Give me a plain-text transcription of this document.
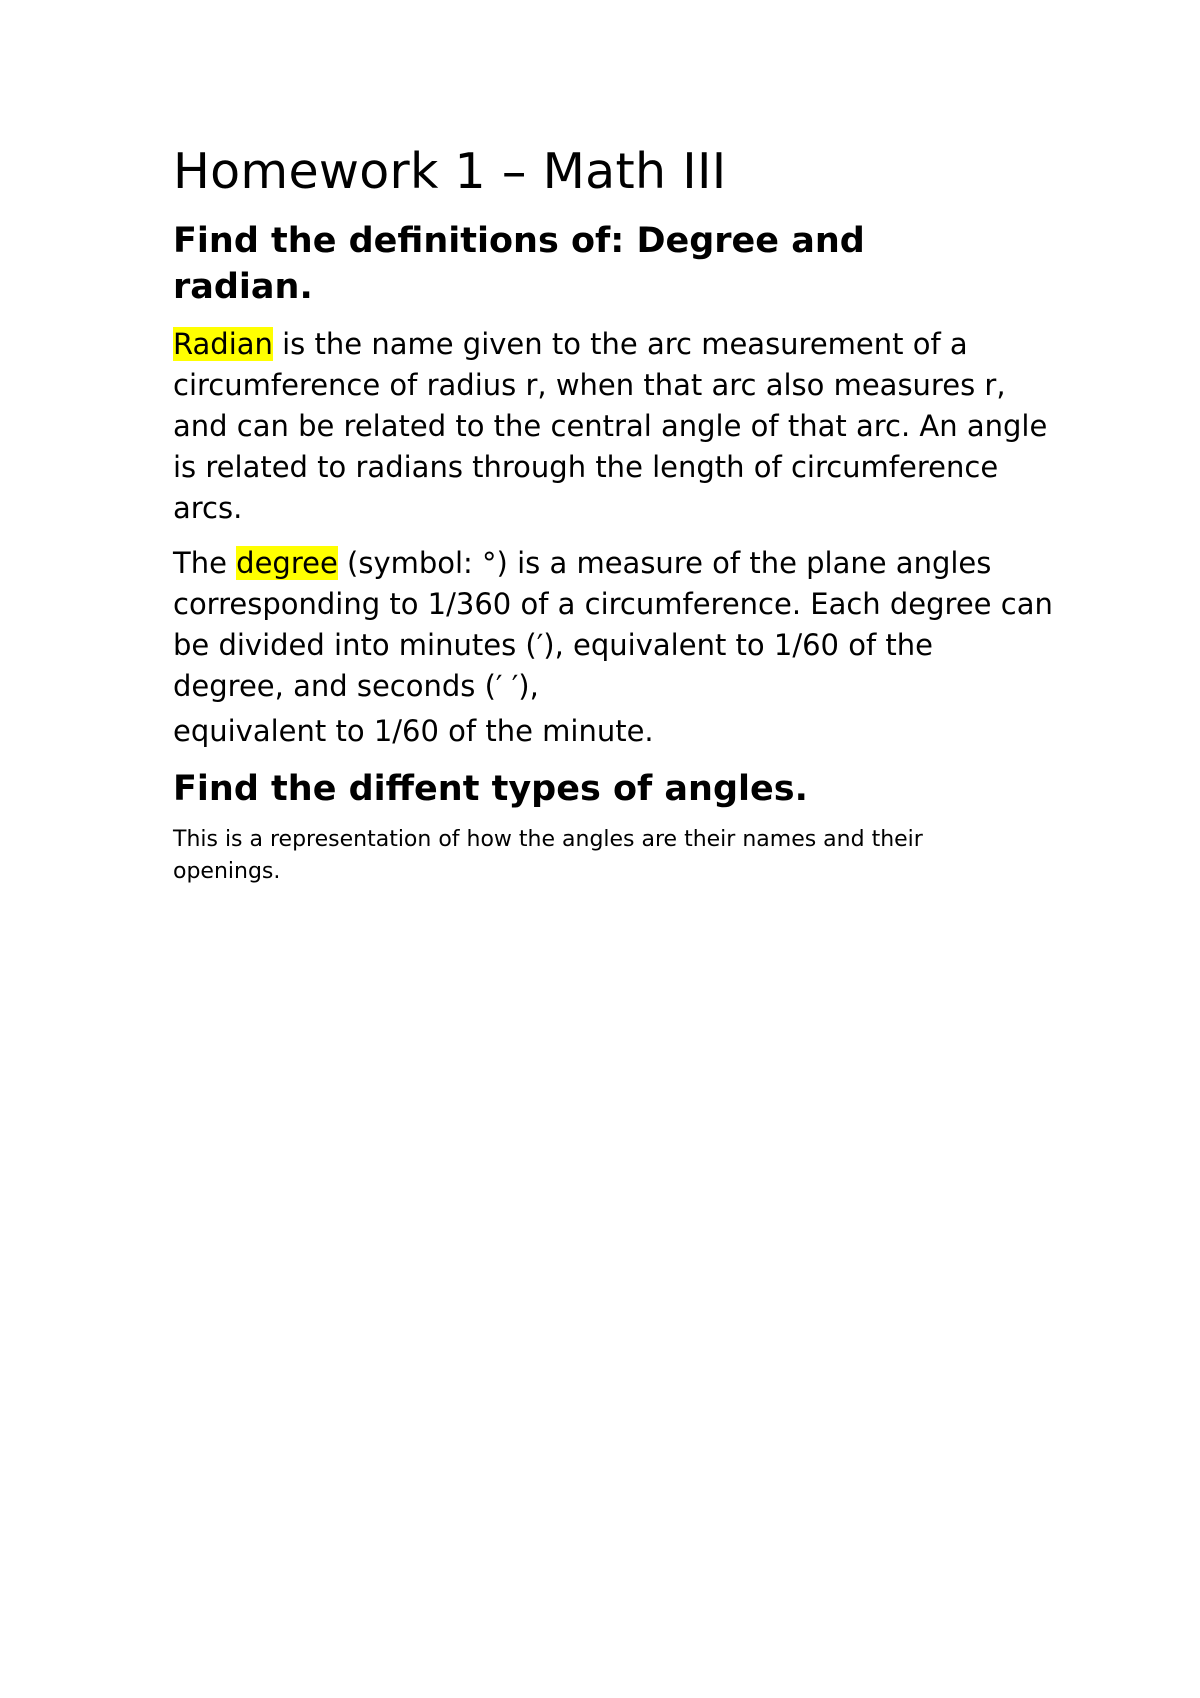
Homework 1 – Math III
Find the definitions of: Degree and radian.

Radian is the name given to the arc measurement of a circumference of radius r, when that arc also measures r, and can be related to the central angle of that arc. An angle is related to radians through the length of circumference arcs.

The degree (symbol: °) is a measure of the plane angles corresponding to 1/360 of a circumference. Each degree can be divided into minutes (′), equivalent to 1/60 of the degree, and seconds (′ ′),
equivalent to 1/60 of the minute.

Find the diffent types of angles.

This is a representation of how the angles are their names and their openings.
